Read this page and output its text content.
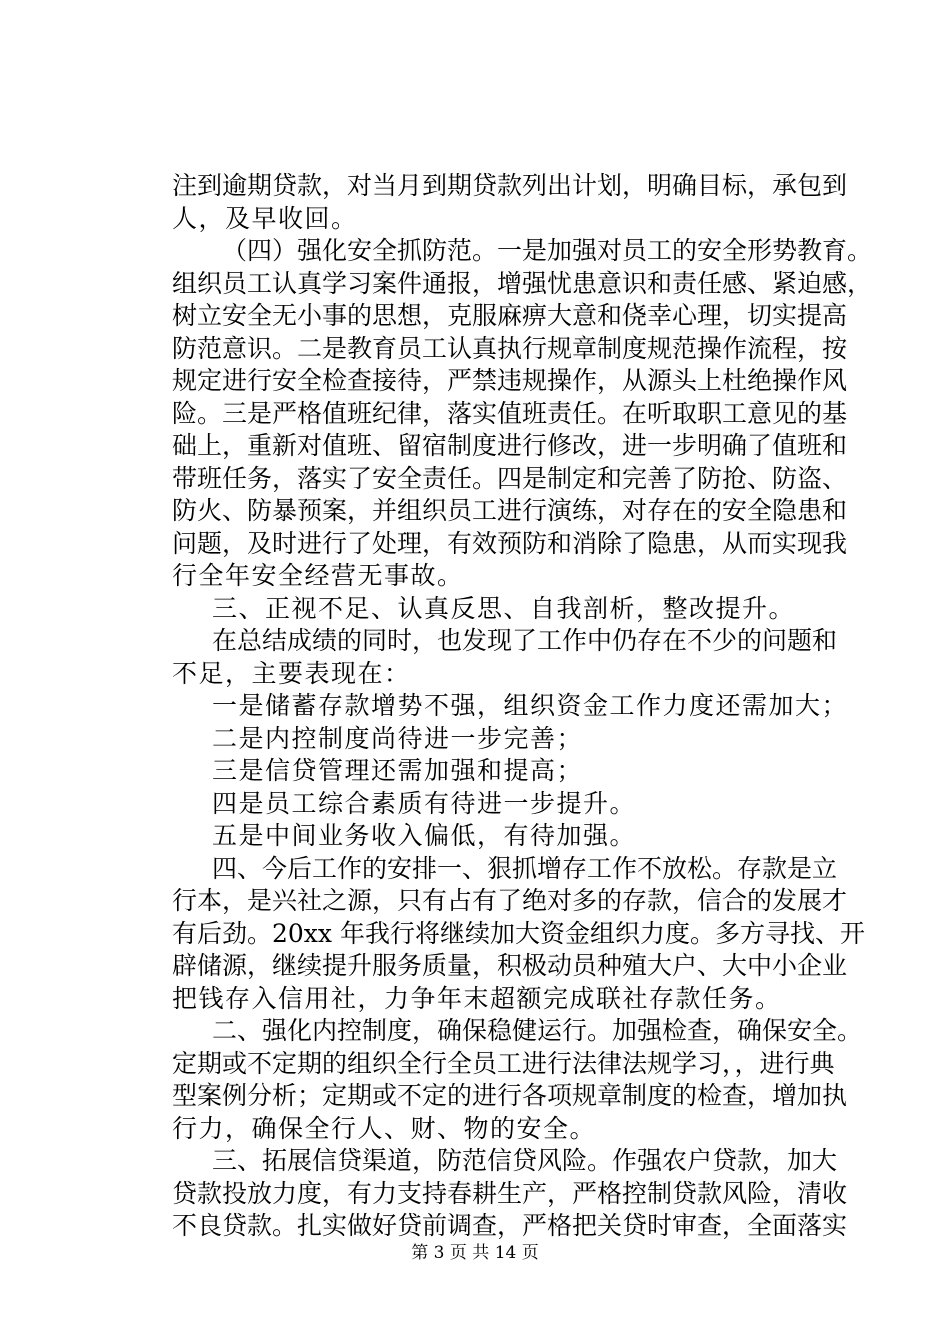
注到逾期贷款，对当月到期贷款列出计划，明确目标，承包到
人，及早收回。
（四）强化安全抓防范。一是加强对员工的安全形势教育。
组织员工认真学习案件通报，增强忧患意识和责任感、紧迫感，
树立安全无小事的思想，克服麻痹大意和侥幸心理，切实提高
防范意识。二是教育员工认真执行规章制度规范操作流程，按
规定进行安全检查接待，严禁违规操作，从源头上杜绝操作风
险。三是严格值班纪律，落实值班责任。在听取职工意见的基
础上，重新对值班、留宿制度进行修改，进一步明确了值班和
带班任务，落实了安全责任。四是制定和完善了防抢、防盗、
防火、防暴预案，并组织员工进行演练，对存在的安全隐患和
问题，及时进行了处理，有效预防和消除了隐患，从而实现我
行全年安全经营无事故。
三、正视不足、认真反思、自我剖析，整改提升。
在总结成绩的同时，也发现了工作中仍存在不少的问题和
不足，主要表现在：
一是储蓄存款增势不强，组织资金工作力度还需加大；
二是内控制度尚待进一步完善；
三是信贷管理还需加强和提高；
四是员工综合素质有待进一步提升。
五是中间业务收入偏低，有待加强。
四、今后工作的安排一、狠抓增存工作不放松。存款是立
行本，是兴社之源，只有占有了绝对多的存款，信合的发展才
有后劲。20xx 年我行将继续加大资金组织力度。多方寻找、开
辟储源，继续提升服务质量，积极动员种殖大户、大中小企业
把钱存入信用社，力争年末超额完成联社存款任务。
二、强化内控制度，确保稳健运行。加强检查，确保安全。
定期或不定期的组织全行全员工进行法律法规学习，，进行典
型案例分析；定期或不定的进行各项规章制度的检查，增加执
行力，确保全行人、财、物的安全。
三、拓展信贷渠道，防范信贷风险。作强农户贷款，加大
贷款投放力度，有力支持春耕生产，严格控制贷款风险，清收
不良贷款。扎实做好贷前调查，严格把关贷时审查，全面落实
第 3 页 共 14 页
